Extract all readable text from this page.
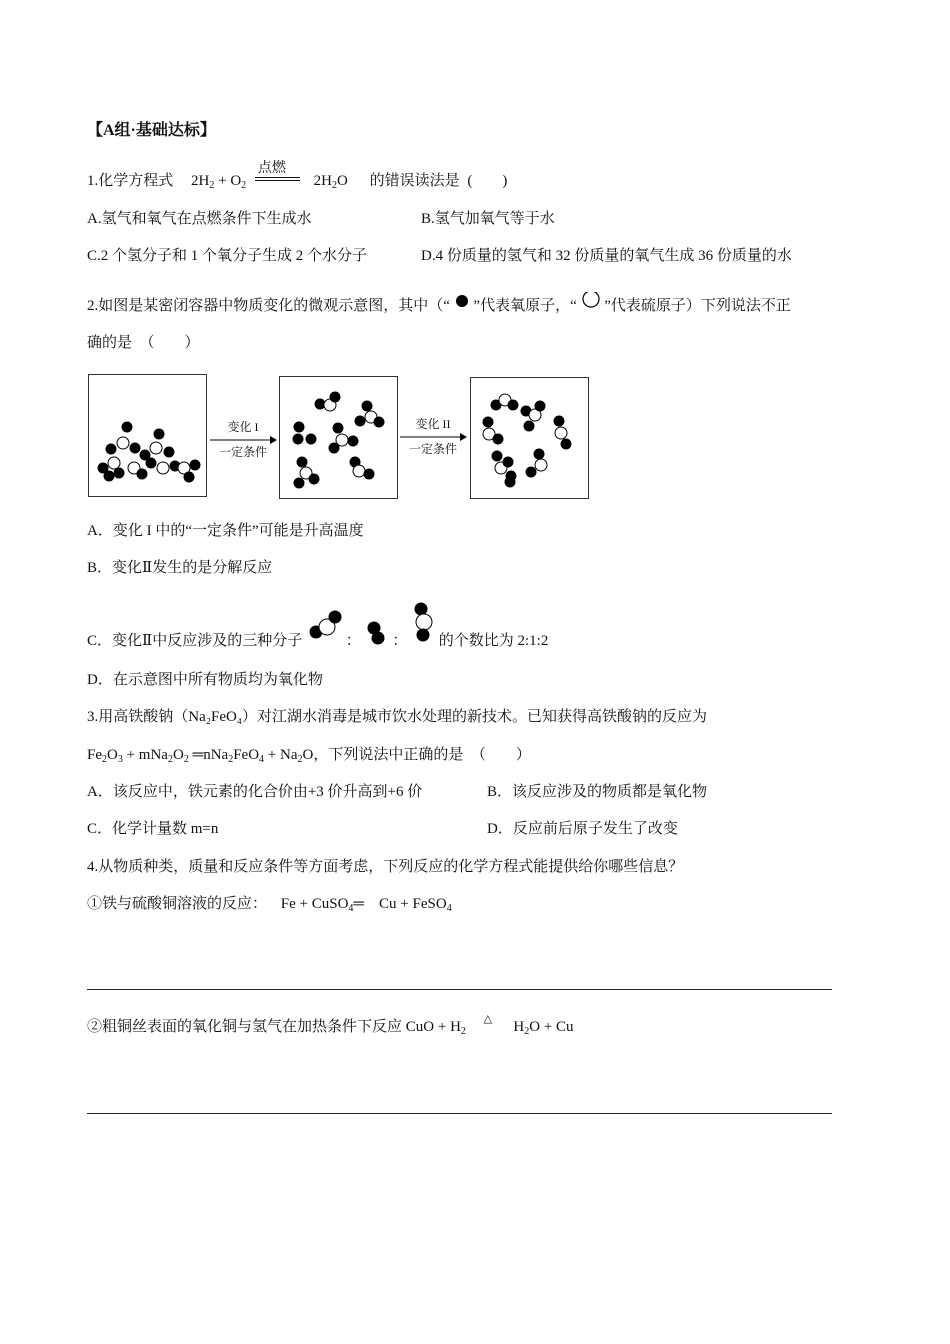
【A组·基础达标】
1.化学方程式 $2H_2 + O_2$
点燃
$2H_2O$ 的错误读法是 (　　)
A.氢气和氧气在点燃条件下生成水	B.氢气加氧气等于水
C.2 个氢分子和 1 个氧分子生成 2 个水分子	D.4 份质量的氢气和 32 份质量的氧气生成 36 份质量的水
2.如图是某密闭容器中物质变化的微观示意图，其中（“ ”代表氧原子，“ ”代表硫原子）下列说法不正
确的是　（　　）
变化 I
一定条件
变化 II
一定条件
A．变化 I 中的“一定条件”可能是升高温度
B．变化Ⅱ发生的是分解反应
C．变化Ⅱ中反应涉及的三种分子	： ： 的个数比为 2:1:2
D．在示意图中所有物质均为氧化物
3.用高铁酸钠（Na₂FeO₄）对江湖水消毒是城市饮水处理的新技术。已知获得高铁酸钠的反应为
$Fe_2O_3 + mNa_2O_2$ ═nNa$_2$FeO$_4$ + $Na_2O$，下列说法中正确的是　（　　）
A．该反应中，铁元素的化合价由+3 价升高到+6 价	B．该反应涉及的物质都是氧化物
C．化学计量数 m=n	D．反应前后原子发生了改变
4.从物质种类，质量和反应条件等方面考虑，下列反应的化学方程式能提供给你哪些信息？
①铁与硫酸铜溶液的反应： Fe + CuSO$_4$═　Cu + FeSO$_4$
②粗铜丝表面的氧化铜与氢气在加热条件下反应 CuO + $H_2$
△ $H_2O + Cu$
